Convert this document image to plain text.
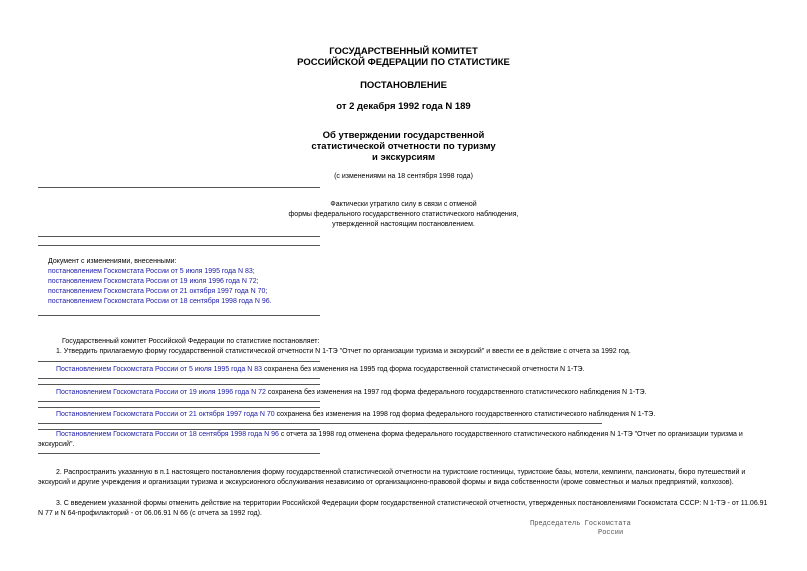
ГОСУДАРСТВЕННЫЙ КОМИТЕТ
РОССИЙСКОЙ ФЕДЕРАЦИИ ПО СТАТИСТИКЕ
ПОСТАНОВЛЕНИЕ
от 2 декабря 1992 года N 189
Об утверждении государственной
статистической отчетности по туризму
и экскурсиям
(с изменениями на 18 сентября 1998 года)
Фактически утратило силу в связи с отменой
формы федерального государственного статистического наблюдения,
утвержденной настоящим постановлением.
Документ с изменениями, внесенными:
постановлением Госкомстата России от 5 июля 1995 года N 83;
постановлением Госкомстата России от 19 июля 1996 года N 72;
постановлением Госкомстата России от 21 октября 1997 года N 70;
постановлением Госкомстата России от 18 сентября 1998 года N 96.
Государственный комитет Российской Федерации по статистике постановляет:
1. Утвердить прилагаемую форму государственной статистической отчетности N 1-ТЭ "Отчет по организации туризма и экскурсий" и ввести ее в действие с отчета за 1992 год.
Постановлением Госкомстата России от 5 июля 1995 года N 83 сохранена без изменения на 1995 год форма государственной статистической отчетности N 1-ТЭ.
Постановлением Госкомстата России от 19 июля 1996 года N 72 сохранена без изменения на 1997 год форма федерального государственного статистического наблюдения N 1-ТЭ.
Постановлением Госкомстата России от 21 октября 1997 года N 70 сохранена без изменения на 1998 год форма федерального государственного статистического наблюдения N 1-ТЭ.
Постановлением Госкомстата России от 18 сентября 1998 года N 96 с отчета за 1998 год отменена форма федерального государственного статистического наблюдения N 1-ТЭ "Отчет по организации туризма и экскурсий".
2. Распространить указанную в п.1 настоящего постановления форму государственной статистической отчетности на туристские гостиницы, туристские базы, мотели, кемпинги, пансионаты, бюро путешествий и экскурсий и другие учреждения и организации туризма и экскурсионного обслуживания независимо от организационно-правовой формы и вида собственности (кроме совместных и малых предприятий, колхозов).
3. С введением указанной формы отменить действие на территории Российской Федерации форм государственной статистической отчетности, утвержденных постановлениями Госкомстата СССР: N 1-ТЭ - от 11.06.91 N 77 и N 64-профилакторий - от 06.06.91 N 66 (с отчета за 1992 год).
Председатель Госкомстата
России
